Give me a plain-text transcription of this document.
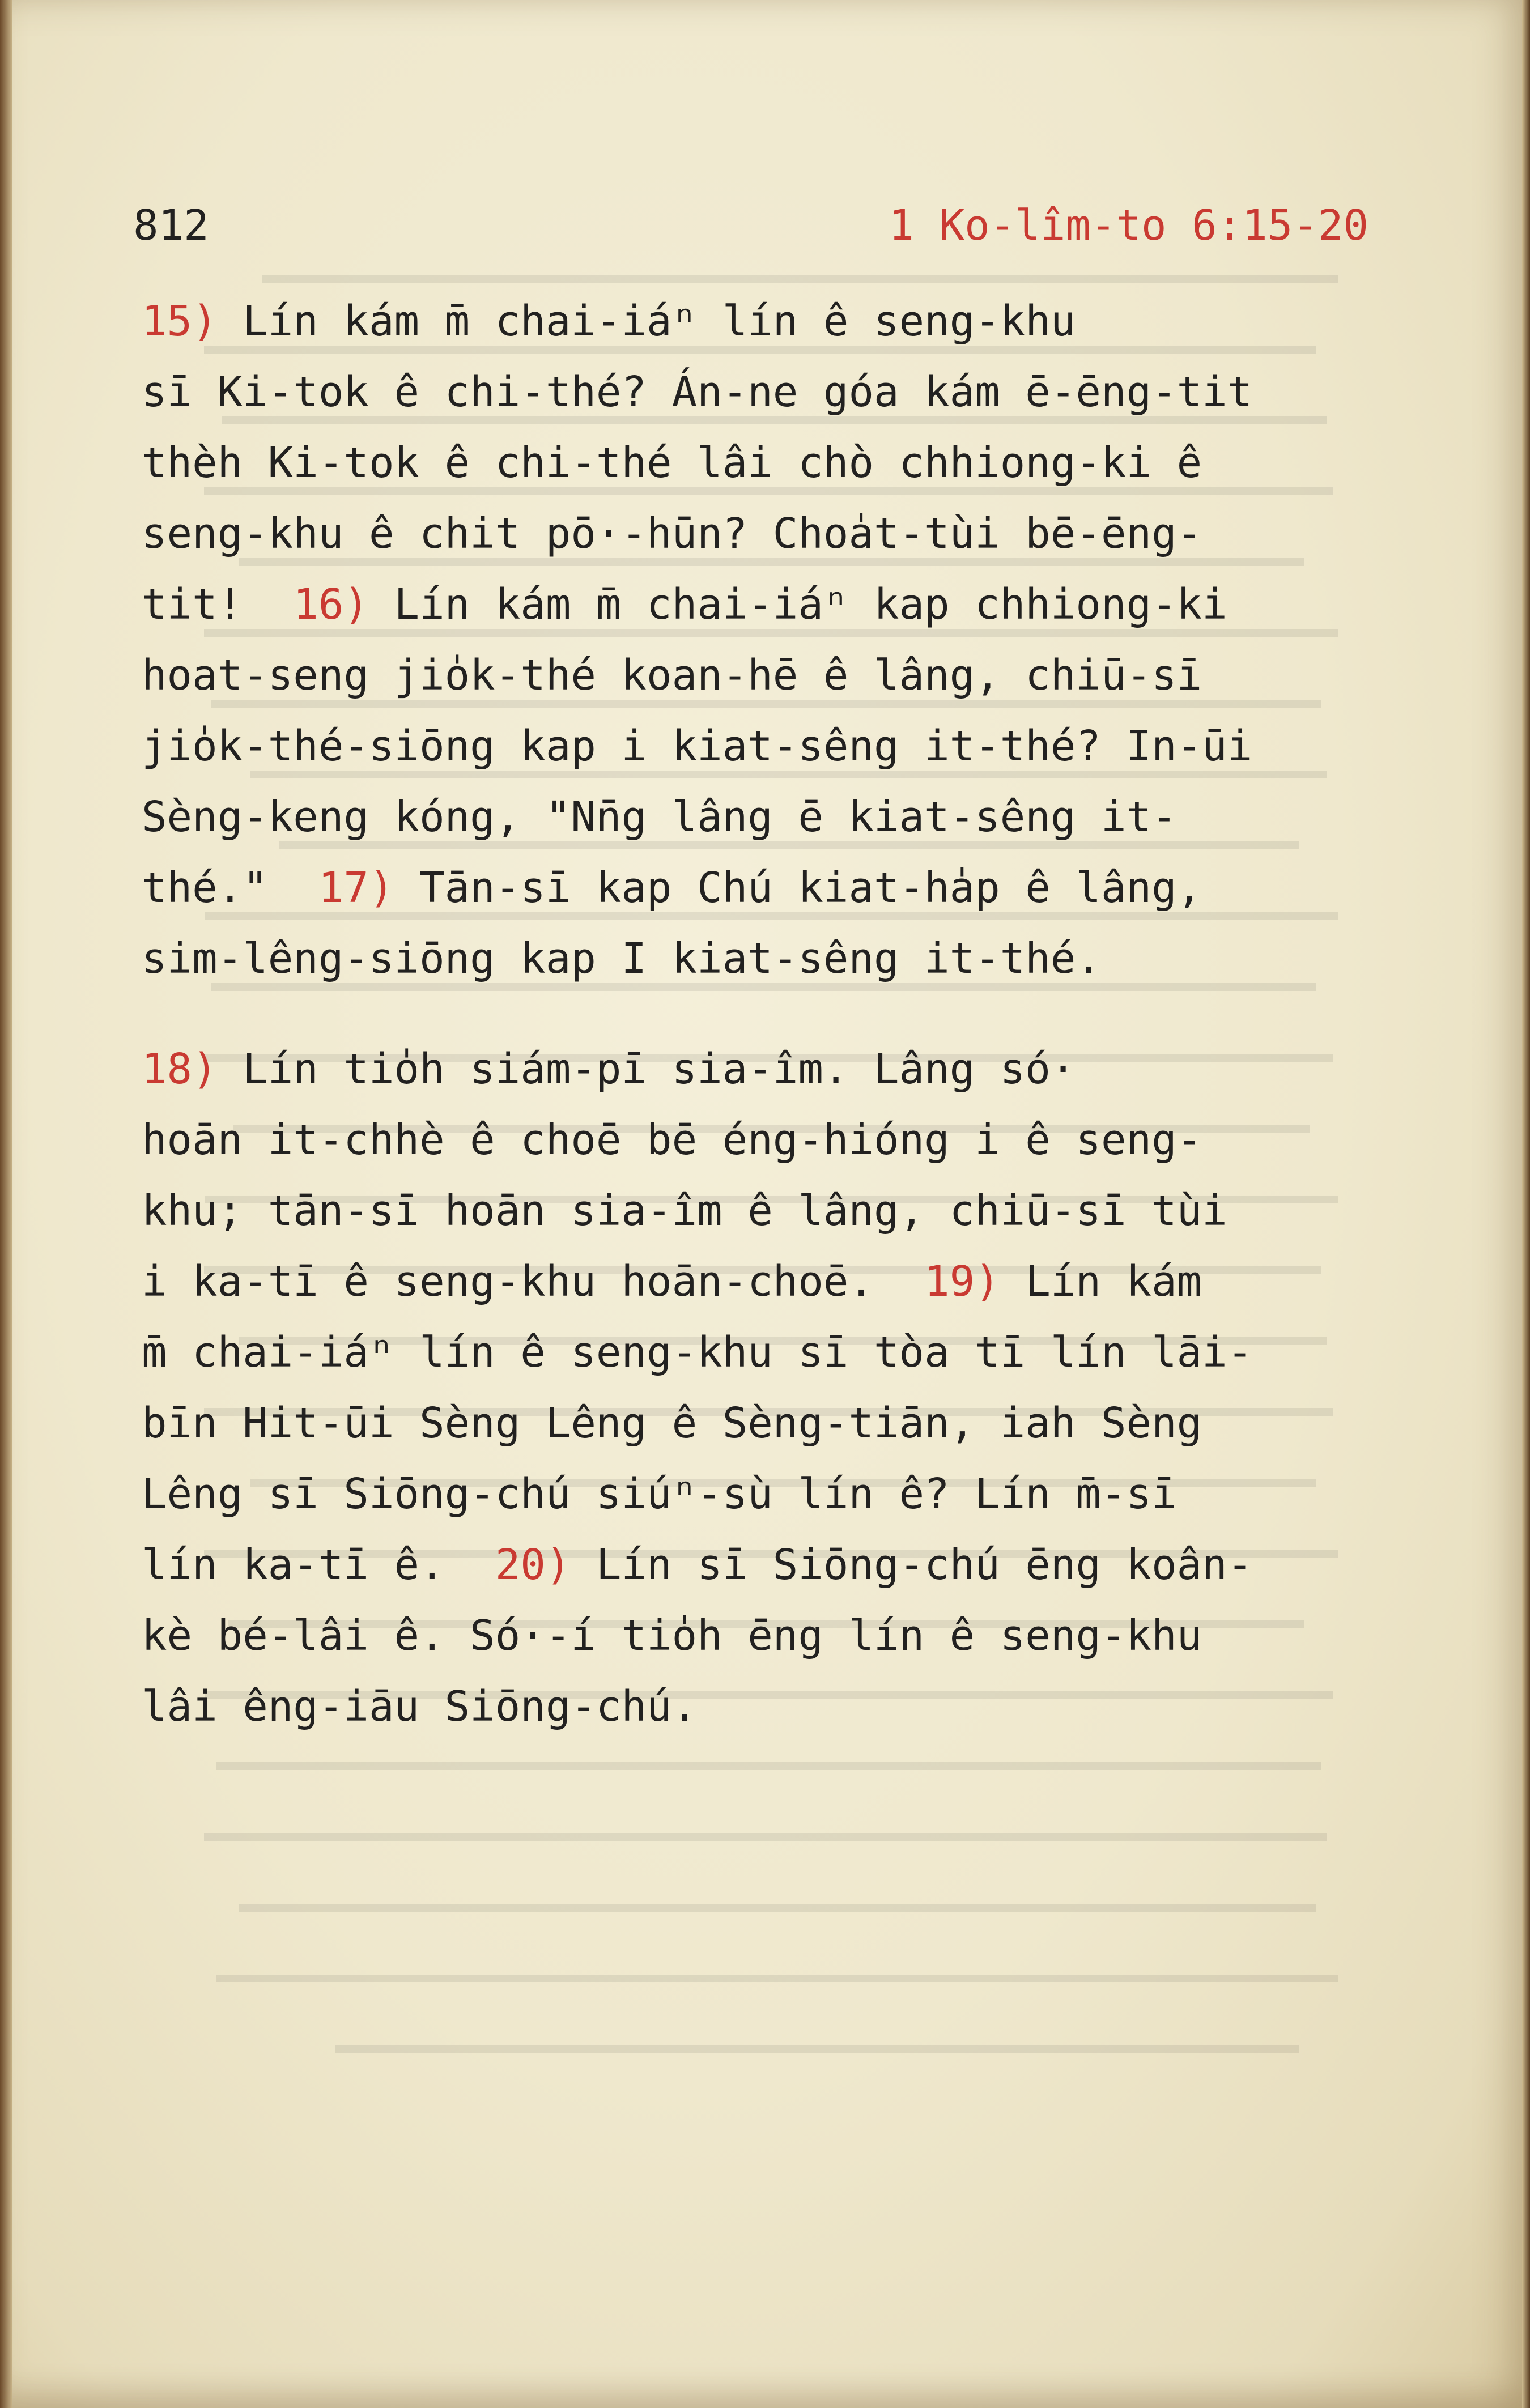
812	1 Ko-lîm-to 6:15-20
15) Lín kám m̄ chai-iáⁿ lín ê seng-khu
sī Ki-tok ê chi-thé? Án-ne góa kám ē-ēng-tit
thèh Ki-tok ê chi-thé lâi chò chhiong-ki ê
seng-khu ê chit pō·-hūn? Choa̍t-tùi bē-ēng-
tit!  16) Lín kám m̄ chai-iáⁿ kap chhiong-ki
hoat-seng jio̍k-thé koan-hē ê lâng, chiū-sī
jio̍k-thé-siōng kap i kiat-sêng it-thé? In-ūi
Sèng-keng kóng, "Nn̄g lâng ē kiat-sêng it-
thé."  17) Tān-sī kap Chú kiat-ha̍p ê lâng,
sim-lêng-siōng kap I kiat-sêng it-thé.
18) Lín tio̍h siám-pī sia-îm. Lâng só·
hoān it-chhè ê choē bē éng-hióng i ê seng-
khu; tān-sī hoān sia-îm ê lâng, chiū-sī tùi
i ka-tī ê seng-khu hoān-choē.  19) Lín kám
m̄ chai-iáⁿ lín ê seng-khu sī tòa tī lín lāi-
bīn Hit-ūi Sèng Lêng ê Sèng-tiān, iah Sèng
Lêng sī Siōng-chú siúⁿ-sù lín ê? Lín m̄-sī
lín ka-tī ê.  20) Lín sī Siōng-chú ēng koân-
kè bé-lâi ê. Só·-í tio̍h ēng lín ê seng-khu
lâi êng-iāu Siōng-chú.
